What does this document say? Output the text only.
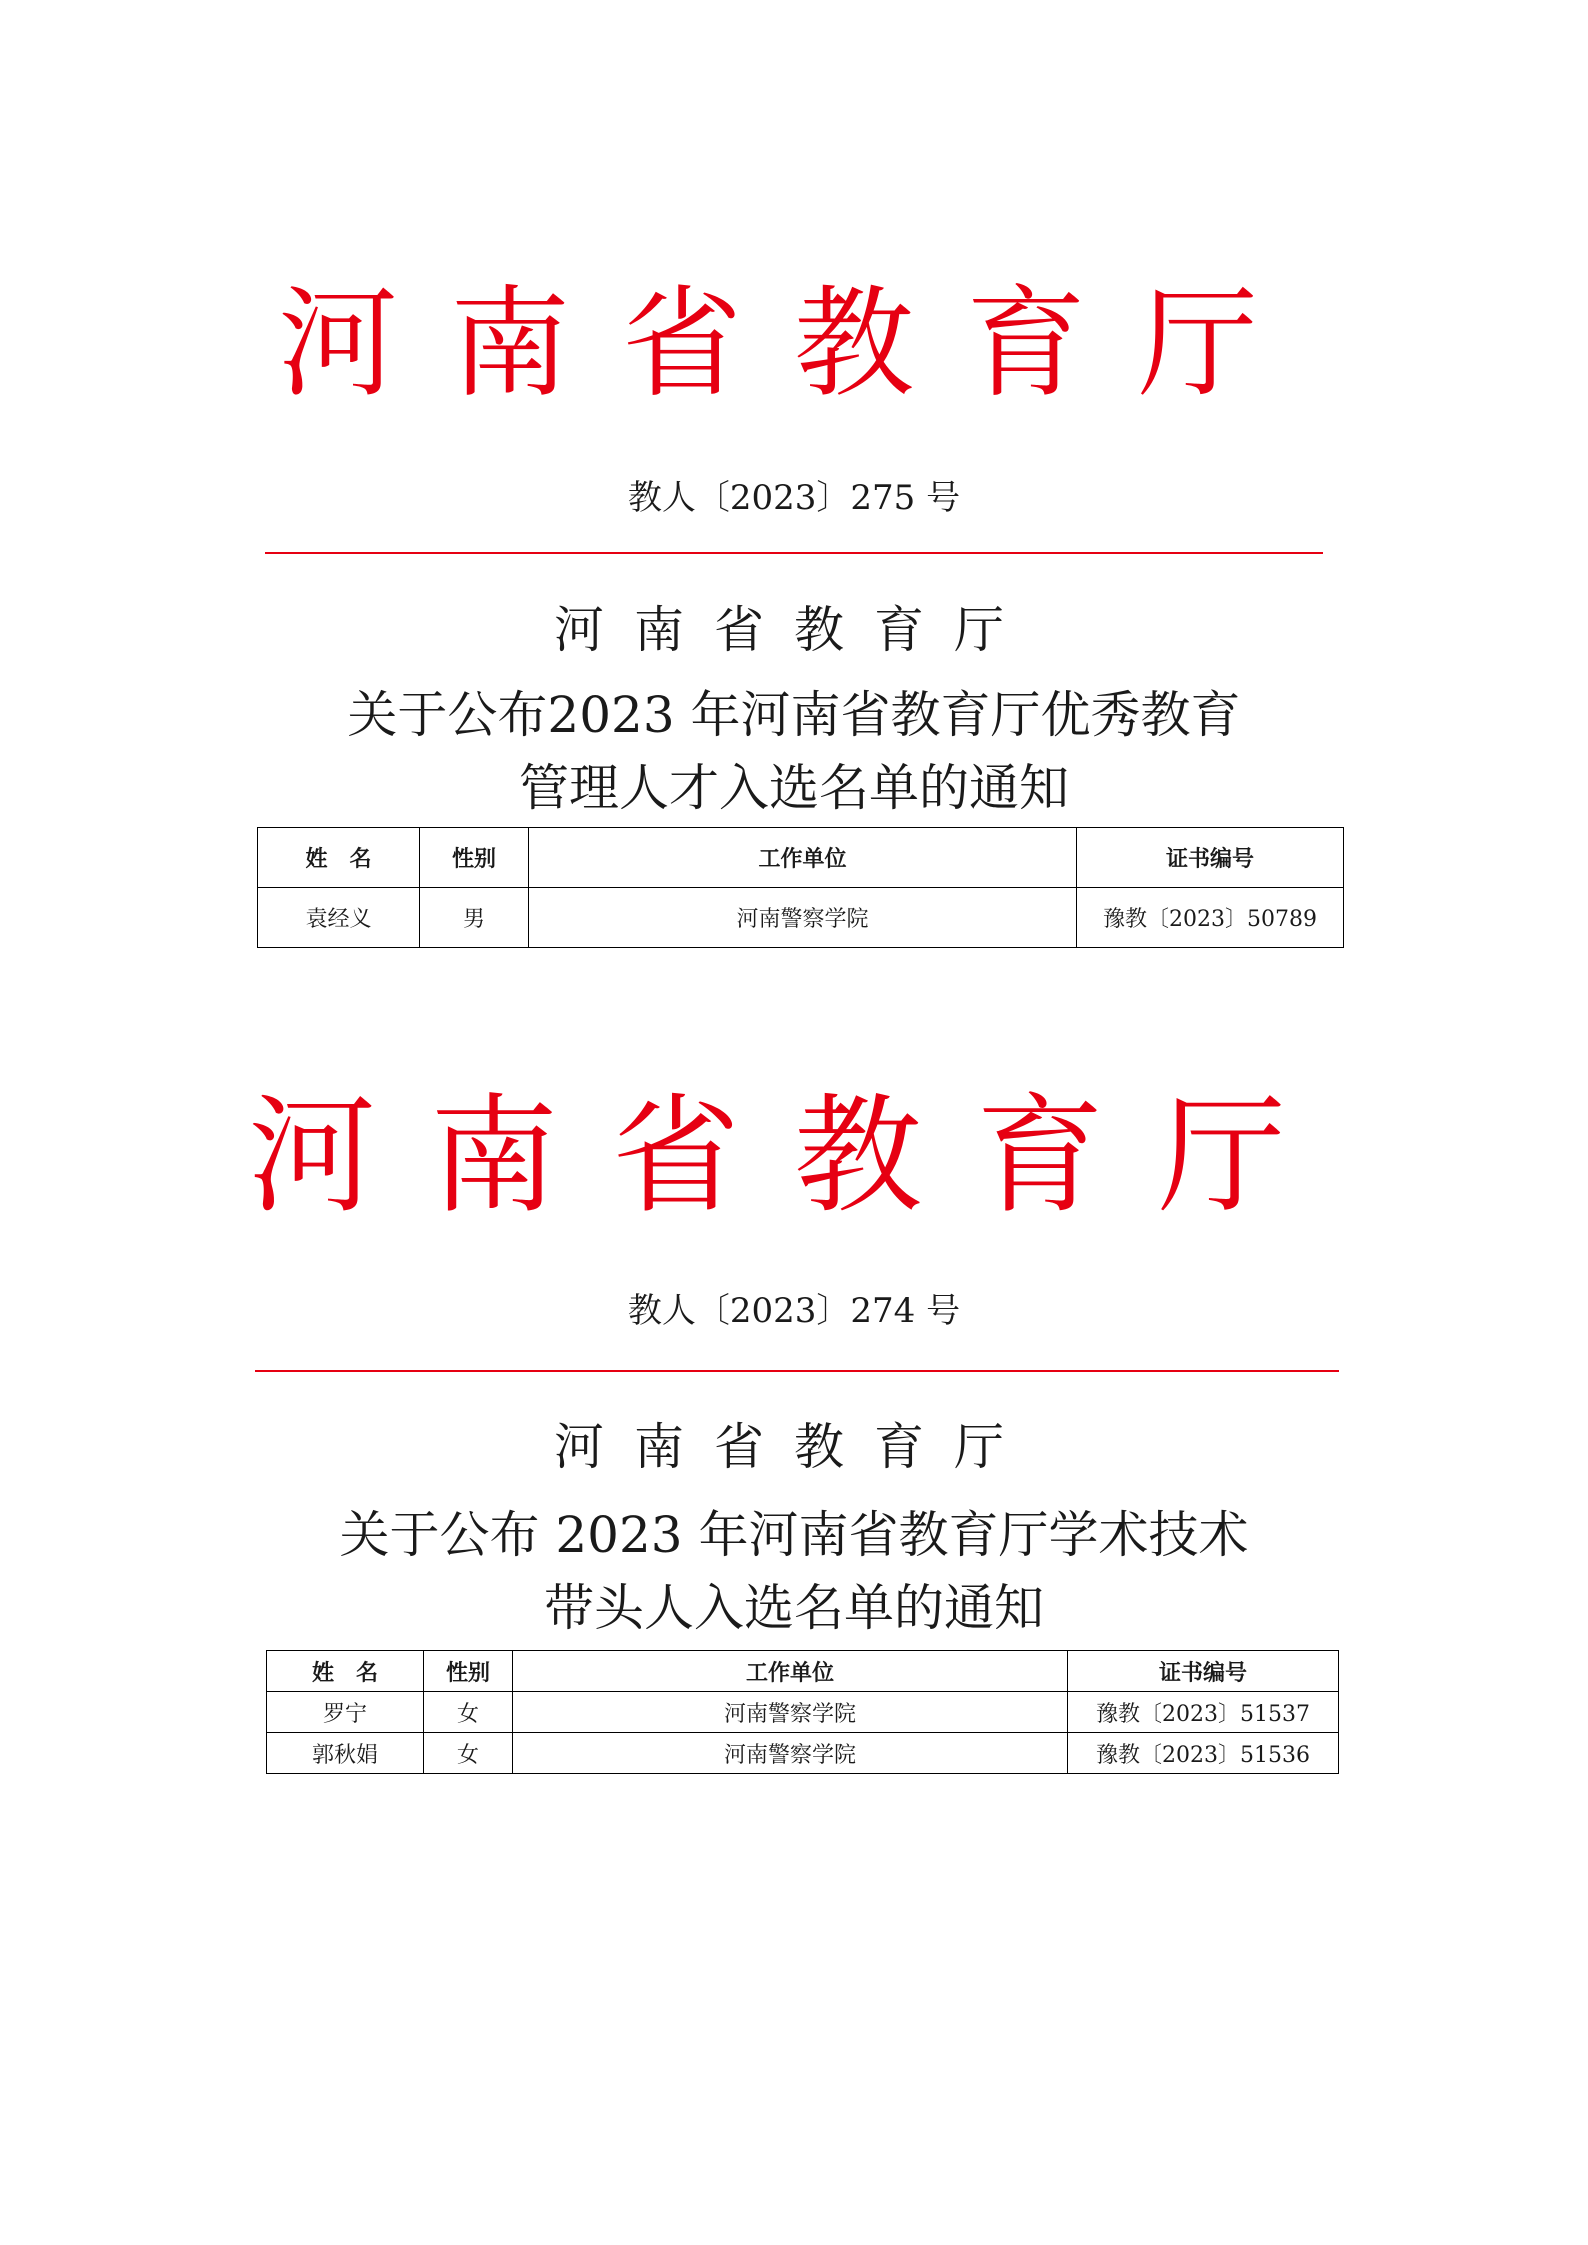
河南省教育厅
教人〔2023〕275 号
河南省教育厅
关于公布2023 年河南省教育厅优秀教育
管理人才入选名单的通知
姓　名	性别	工作单位	证书编号
袁经义	男	河南警察学院	豫教〔2023〕50789
河南省教育厅
教人〔2023〕274 号
河南省教育厅
关于公布 2023 年河南省教育厅学术技术
带头人入选名单的通知
姓　名	性别	工作单位	证书编号
罗宁	女	河南警察学院	豫教〔2023〕51537
郭秋娟	女	河南警察学院	豫教〔2023〕51536
